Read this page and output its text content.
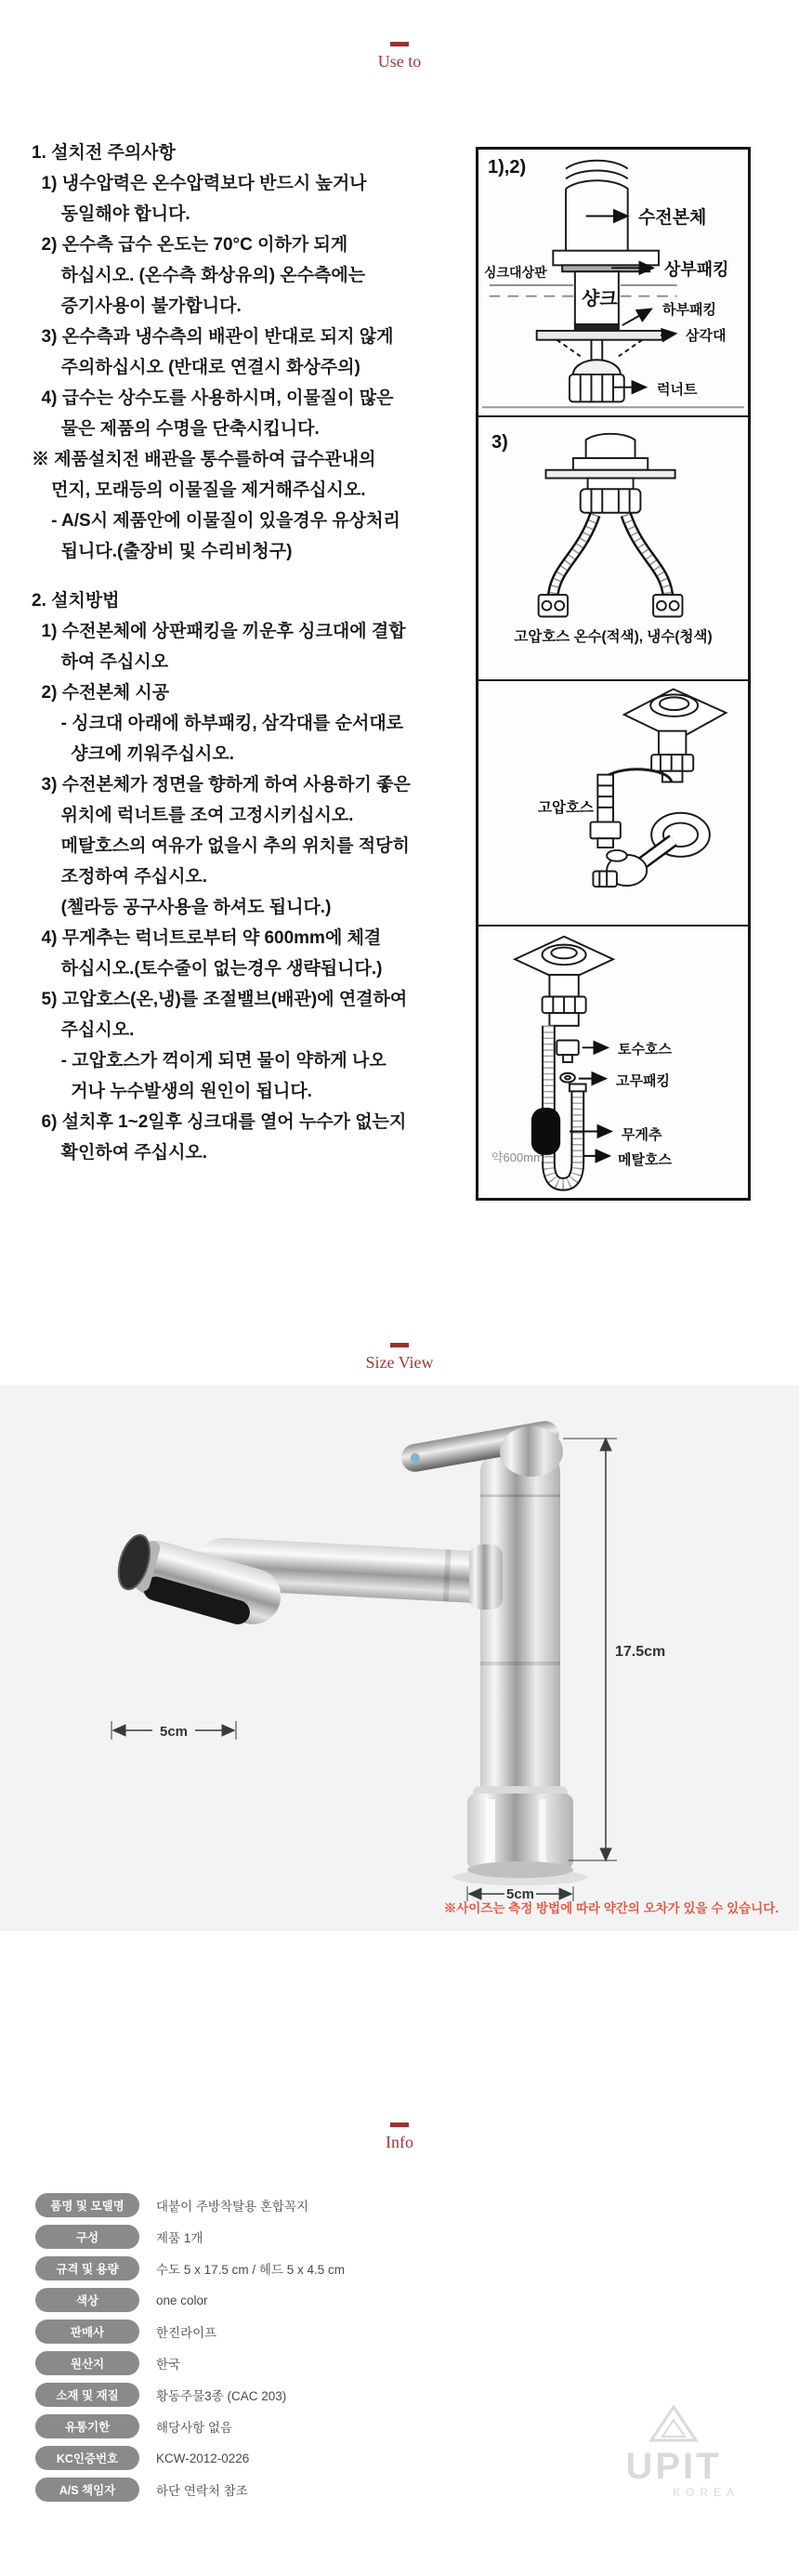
Use to
1. 설치전 주의사항
1) 냉수압력은 온수압력보다 반드시 높거나
동일해야 합니다.
2) 온수측 급수 온도는 70°C 이하가 되게
하십시오. (온수측 화상유의) 온수측에는
증기사용이 불가합니다.
3) 온수측과 냉수측의 배관이 반대로 되지 않게
주의하십시오 (반대로 연결시 화상주의)
4) 급수는 상수도를 사용하시며, 이물질이 많은
물은 제품의 수명을 단축시킵니다.
※ 제품설치전 배관을 통수를하여 급수관내의
먼지, 모래등의 이물질을 제거해주십시오.
- A/S시 제품안에 이물질이 있을경우 유상처리
됩니다.(출장비 및 수리비청구)
2. 설치방법
1) 수전본체에 상판패킹을 끼운후 싱크대에 결합
하여 주십시오
2) 수전본체 시공
- 싱크대 아래에 하부패킹, 삼각대를 순서대로
샹크에 끼워주십시오.
3) 수전본체가 정면을 향하게 하여 사용하기 좋은
위치에 럭너트를 조여 고정시키십시오.
메탈호스의 여유가 없을시 추의 위치를 적당히
조정하여 주십시오.
(첼라등 공구사용을 하셔도 됩니다.)
4) 무게추는 럭너트로부터 약 600mm에 체결
하십시오.(토수줄이 없는경우 생략됩니다.)
5) 고압호스(온,냉)를 조절밸브(배관)에 연결하여
주십시오.
- 고압호스가 꺽이게 되면 물이 약하게 나오
거나 누수발생의 원인이 됩니다.
6) 설치후 1~2일후 싱크대를 열어 누수가 없는지
확인하여 주십시오.
1),2)
수전본체
상부패킹
싱크대상판
샹크
하부패킹
삼각대
럭너트
3)
고압호스 온수(적색), 냉수(청색)
고압호스
토수호스
고무패킹
무게추
메탈호스
약600mm
Size View
17.5cm
5cm
5cm
※사이즈는 측정 방법에 따라 약간의 오차가 있을 수 있습니다.
Info
품명 및 모델명	대붙이 주방착탈용 혼합꼭지
구성	제품 1개
규격 및 용량	수도 5 x 17.5 cm / 헤드 5 x 4.5 cm
색상	one color
판매사	한진라이프
원산지	한국
소재 및 재질	황동주물3종 (CAC 203)
유통기한	해당사항 없음
KC인증번호	KCW-2012-0226
A/S 책임자	하단 연락처 참조
UPIT
KOREA
